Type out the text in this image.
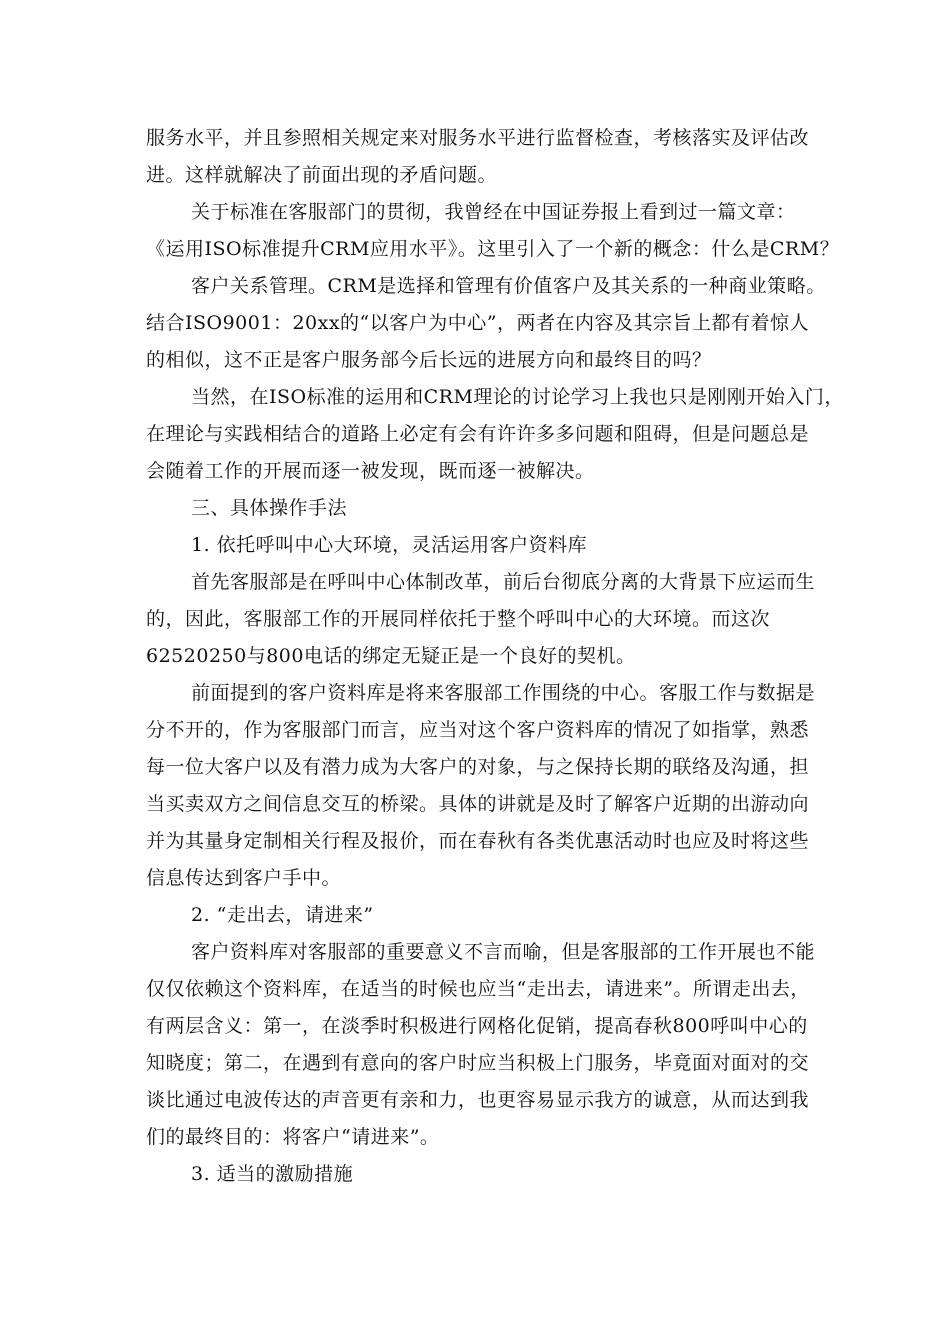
服务水平，并且参照相关规定来对服务水平进行监督检查，考核落实及评估改
进。这样就解决了前面出现的矛盾问题。
关于标准在客服部门的贯彻，我曾经在中国证券报上看到过一篇文章：
《运用ISO标准提升CRM应用水平》。这里引入了一个新的概念：什么是CRM？
客户关系管理。CRM是选择和管理有价值客户及其关系的一种商业策略。
结合ISO9001：20xx的“以客户为中心”，两者在内容及其宗旨上都有着惊人
的相似，这不正是客户服务部今后长远的进展方向和最终目的吗？
当然，在ISO标准的运用和CRM理论的讨论学习上我也只是刚刚开始入门，
在理论与实践相结合的道路上必定有会有许许多多问题和阻碍，但是问题总是
会随着工作的开展而逐一被发现，既而逐一被解决。
三、具体操作手法
1. 依托呼叫中心大环境，灵活运用客户资料库
首先客服部是在呼叫中心体制改革，前后台彻底分离的大背景下应运而生
的，因此，客服部工作的开展同样依托于整个呼叫中心的大环境。而这次
62520250与800电话的绑定无疑正是一个良好的契机。
前面提到的客户资料库是将来客服部工作围绕的中心。客服工作与数据是
分不开的，作为客服部门而言，应当对这个客户资料库的情况了如指掌，熟悉
每一位大客户以及有潜力成为大客户的对象，与之保持长期的联络及沟通，担
当买卖双方之间信息交互的桥梁。具体的讲就是及时了解客户近期的出游动向
并为其量身定制相关行程及报价，而在春秋有各类优惠活动时也应及时将这些
信息传达到客户手中。
2. “走出去，请进来”
客户资料库对客服部的重要意义不言而喻，但是客服部的工作开展也不能
仅仅依赖这个资料库，在适当的时候也应当“走出去，请进来”。所谓走出去，
有两层含义：第一，在淡季时积极进行网格化促销，提高春秋800呼叫中心的
知晓度；第二，在遇到有意向的客户时应当积极上门服务，毕竟面对面对的交
谈比通过电波传达的声音更有亲和力，也更容易显示我方的诚意，从而达到我
们的最终目的：将客户“请进来”。
3. 适当的激励措施
